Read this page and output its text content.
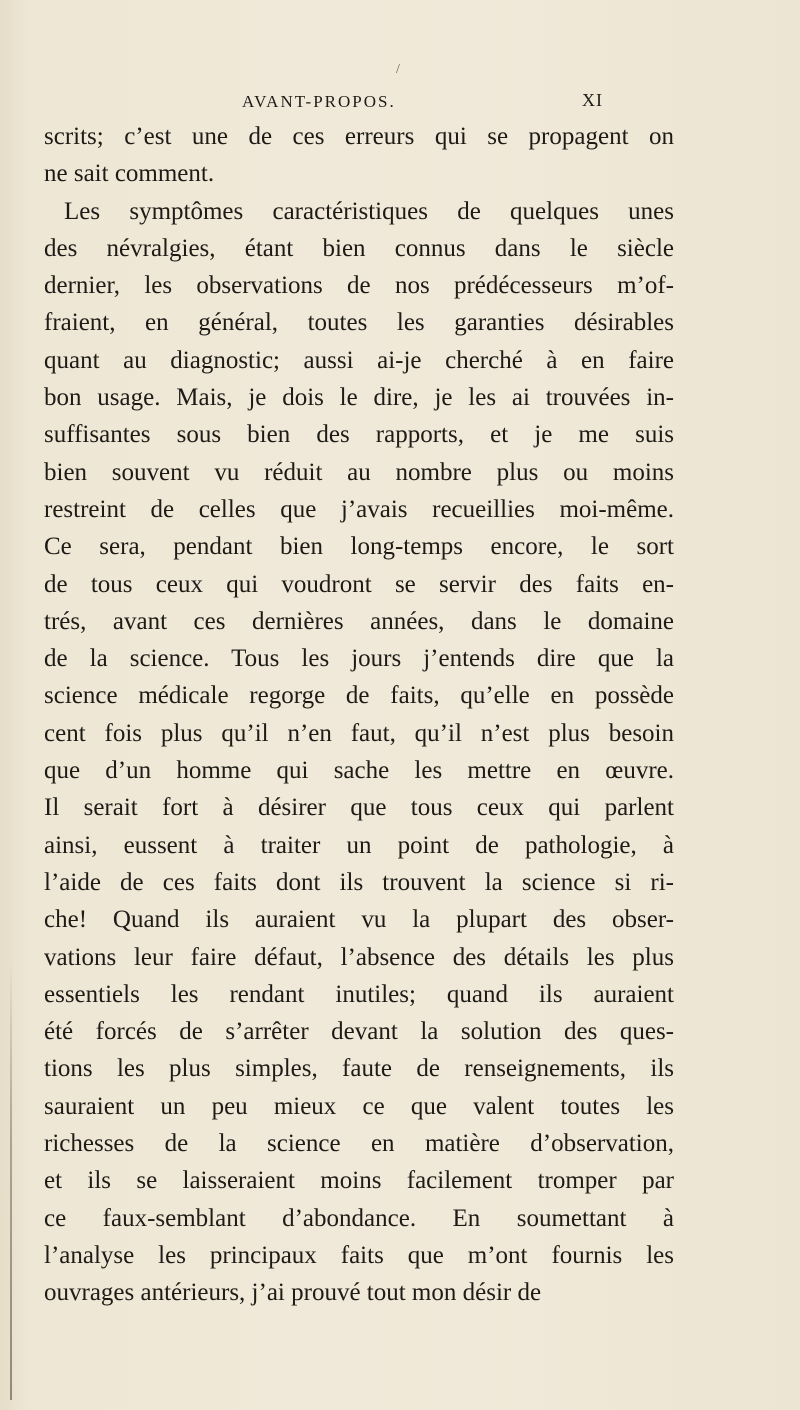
/
AVANT-PROPOS.	XI
scrits; c’est une de ces erreurs qui se propagent on
ne sait comment.
Les symptômes caractéristiques de quelques unes
des névralgies, étant bien connus dans le siècle
dernier, les observations de nos prédécesseurs m’of-
fraient, en général, toutes les garanties désirables
quant au diagnostic; aussi ai-je cherché à en faire
bon usage. Mais, je dois le dire, je les ai trouvées in-
suffisantes sous bien des rapports, et je me suis
bien souvent vu réduit au nombre plus ou moins
restreint de celles que j’avais recueillies moi-même.
Ce sera, pendant bien long-temps encore, le sort
de tous ceux qui voudront se servir des faits en-
trés, avant ces dernières années, dans le domaine
de la science. Tous les jours j’entends dire que la
science médicale regorge de faits, qu’elle en possède
cent fois plus qu’il n’en faut, qu’il n’est plus besoin
que d’un homme qui sache les mettre en œuvre.
Il serait fort à désirer que tous ceux qui parlent
ainsi, eussent à traiter un point de pathologie, à
l’aide de ces faits dont ils trouvent la science si ri-
che! Quand ils auraient vu la plupart des obser-
vations leur faire défaut, l’absence des détails les plus
essentiels les rendant inutiles; quand ils auraient
été forcés de s’arrêter devant la solution des ques-
tions les plus simples, faute de renseignements, ils
sauraient un peu mieux ce que valent toutes les
richesses de la science en matière d’observation,
et ils se laisseraient moins facilement tromper par
ce faux-semblant d’abondance. En soumettant à
l’analyse les principaux faits que m’ont fournis les
ouvrages antérieurs, j’ai prouvé tout mon désir de
